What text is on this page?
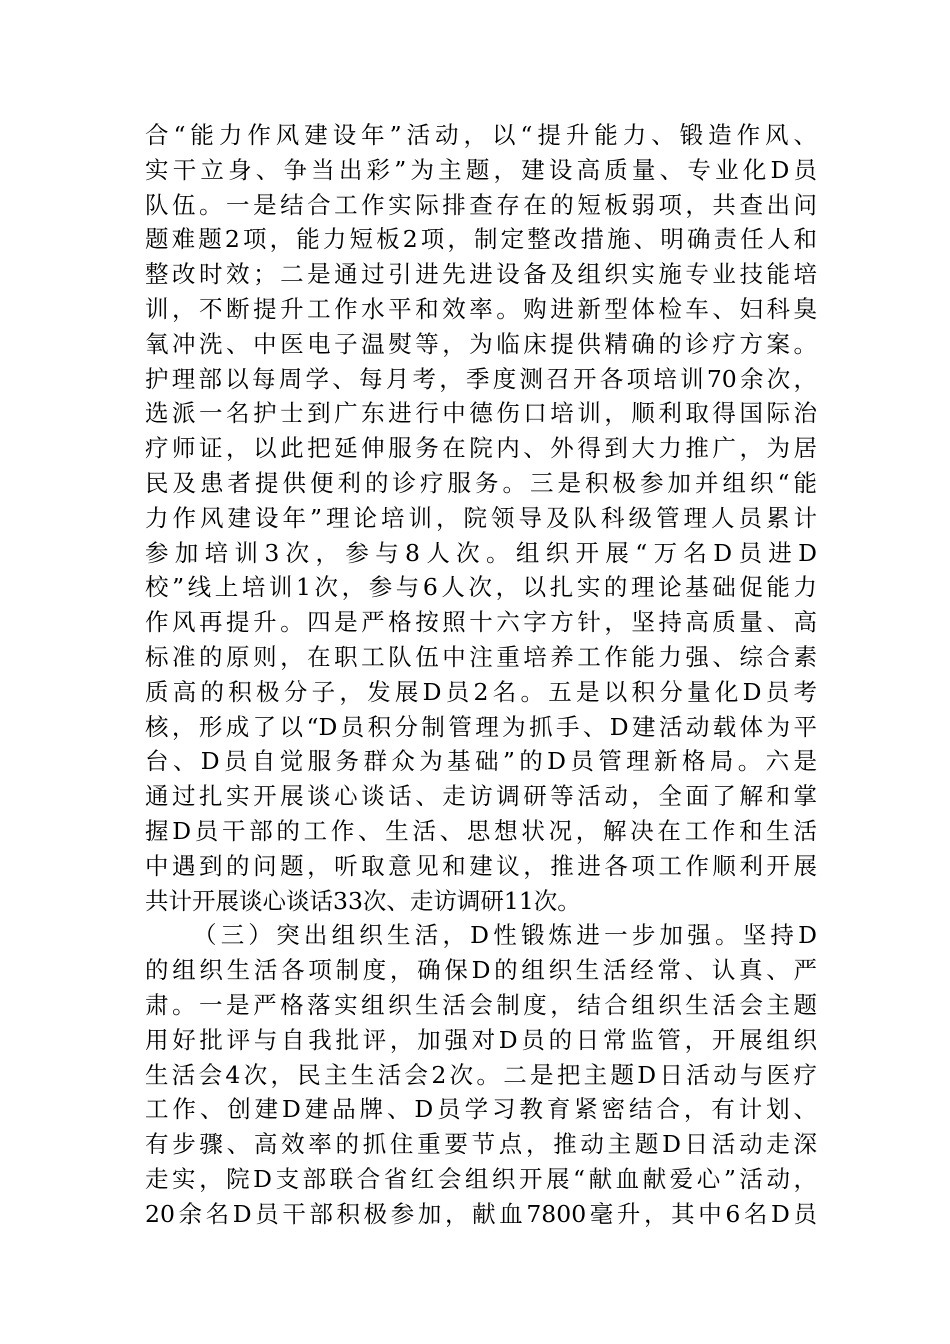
合“能力作风建设年”活动，以“提升能力、锻造作风、
实干立身、争当出彩”为主题，建设高质量、专业化D员
队伍。一是结合工作实际排查存在的短板弱项，共查出问
题难题2项，能力短板2项，制定整改措施、明确责任人和
整改时效；二是通过引进先进设备及组织实施专业技能培
训，不断提升工作水平和效率。购进新型体检车、妇科臭
氧冲洗、中医电子温熨等，为临床提供精确的诊疗方案。
护理部以每周学、每月考，季度测召开各项培训70余次，
选派一名护士到广东进行中德伤口培训，顺利取得国际治
疗师证，以此把延伸服务在院内、外得到大力推广，为居
民及患者提供便利的诊疗服务。三是积极参加并组织“能
力作风建设年”理论培训，院领导及队科级管理人员累计
参加培训3次，参与8人次。组织开展“万名D员进D
校”线上培训1次，参与6人次，以扎实的理论基础促能力
作风再提升。四是严格按照十六字方针，坚持高质量、高
标准的原则，在职工队伍中注重培养工作能力强、综合素
质高的积极分子，发展D员2名。五是以积分量化D员考
核，形成了以“D员积分制管理为抓手、D建活动载体为平
台、D员自觉服务群众为基础”的D员管理新格局。六是
通过扎实开展谈心谈话、走访调研等活动，全面了解和掌
握D员干部的工作、生活、思想状况，解决在工作和生活
中遇到的问题，听取意见和建议，推进各项工作顺利开展
共计开展谈心谈话33次、走访调研11次。
（三）突出组织生活，D性锻炼进一步加强。坚持D
的组织生活各项制度，确保D的组织生活经常、认真、严
肃。一是严格落实组织生活会制度，结合组织生活会主题
用好批评与自我批评，加强对D员的日常监管，开展组织
生活会4次，民主生活会2次。二是把主题D日活动与医疗
工作、创建D建品牌、D员学习教育紧密结合，有计划、
有步骤、高效率的抓住重要节点，推动主题D日活动走深
走实，院D支部联合省红会组织开展“献血献爱心”活动，
20余名D员干部积极参加，献血7800毫升，其中6名D员
